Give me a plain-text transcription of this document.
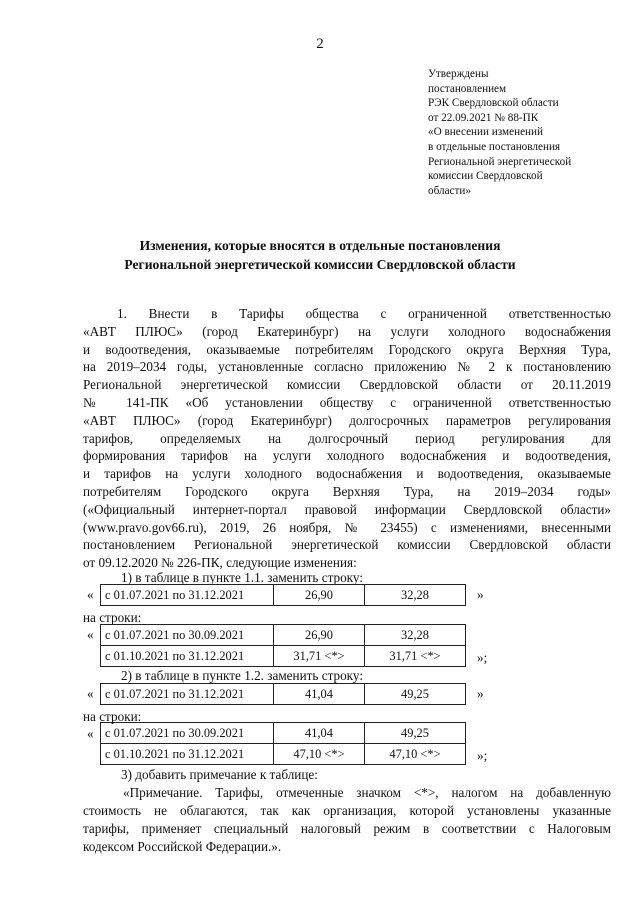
2
Утверждены
постановлением
РЭК Свердловской области
от 22.09.2021 № 88-ПК
«О внесении изменений
в отдельные постановления
Региональной энергетической
комиссии Свердловской
области»
Изменения, которые вносятся в отдельные постановления
Региональной энергетической комиссии Свердловской области
1. Внести в Тарифы общества с ограниченной ответственностью
«АВТ ПЛЮС» (город Екатеринбург) на услуги холодного водоснабжения
и водоотведения, оказываемые потребителям Городского округа Верхняя Тура,
на 2019–2034 годы, установленные согласно приложению № 2 к постановлению
Региональной энергетической комиссии Свердловской области от 20.11.2019
№ 141-ПК «Об установлении обществу с ограниченной ответственностью
«АВТ ПЛЮС» (город Екатеринбург) долгосрочных параметров регулирования
тарифов, определяемых на долгосрочный период регулирования для
формирования тарифов на услуги холодного водоснабжения и водоотведения,
и тарифов на услуги холодного водоснабжения и водоотведения, оказываемые
потребителям Городского округа Верхняя Тура, на 2019–2034 годы»
(«Официальный интернет-портал правовой информации Свердловской области»
(www.pravo.gov66.ru), 2019, 26 ноября, № 23455) с изменениями, внесенными
постановлением Региональной энергетической комиссии Свердловской области
от 09.12.2020 № 226-ПК, следующие изменения:
1) в таблице в пункте 1.1. заменить строку:
« с 01.07.2021 по 31.12.2021	26,90	32,28	»
на строки:
« с 01.07.2021 по 30.09.2021	26,90	32,28
с 01.10.2021 по 31.12.2021	31,71 <*>	31,71 <*>	»;
2) в таблице в пункте 1.2. заменить строку:
« с 01.07.2021 по 31.12.2021	41,04	49,25	»
на строки:
« с 01.07.2021 по 30.09.2021	41,04	49,25
с 01.10.2021 по 31.12.2021	47,10 <*>	47,10 <*>	»;
3) добавить примечание к таблице:
«Примечание. Тарифы, отмеченные значком <*>, налогом на добавленную
стоимость не облагаются, так как организация, которой установлены указанные
тарифы, применяет специальный налоговый режим в соответствии с Налоговым
кодексом Российской Федерации.».
